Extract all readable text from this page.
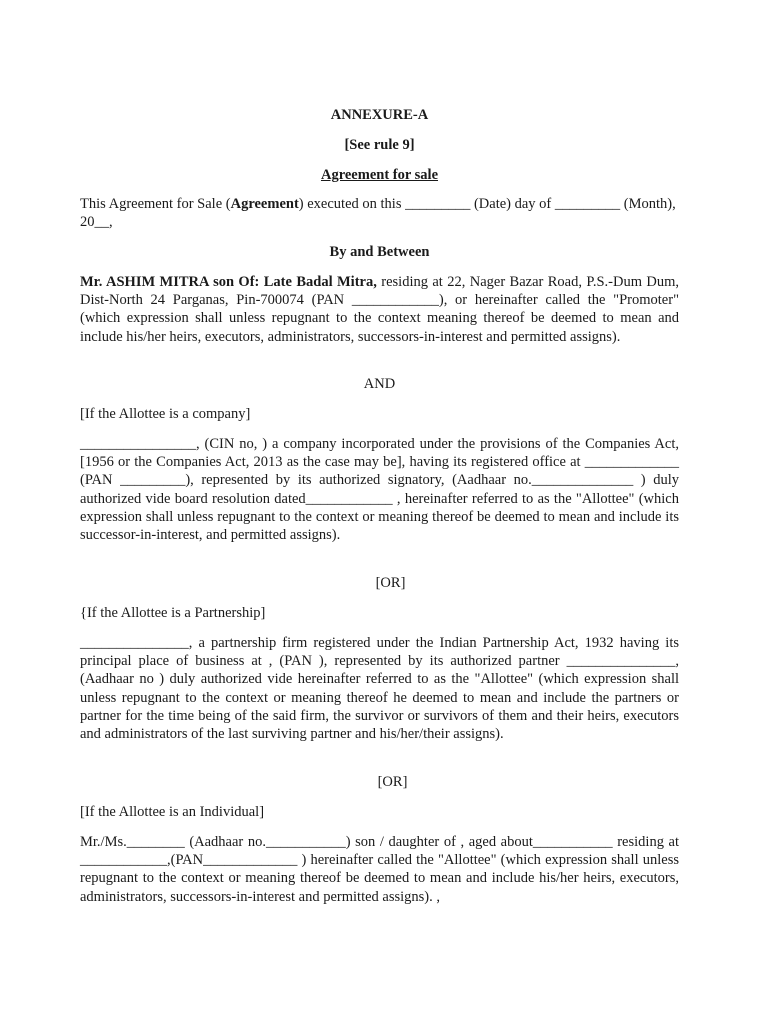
ANNEXURE-A

[See rule 9]

Agreement for sale

This Agreement for Sale (Agreement) executed on this _________ (Date) day of _________ (Month), 20__,

By and Between

Mr. ASHIM MITRA son Of: Late Badal Mitra, residing at 22, Nager Bazar Road, P.S.-Dum Dum, Dist-North 24 Parganas, Pin-700074 (PAN ____________), or hereinafter called the "Promoter" (which expression shall unless repugnant to the context meaning thereof be deemed to mean and include his/her heirs, executors, administrators, successors-in-interest and permitted assigns).

AND

[If the Allottee is a company]

________________, (CIN no, ) a company incorporated under the provisions of the Companies Act, [1956 or the Companies Act, 2013 as the case may be], having its registered office at _____________ (PAN _________), represented by its authorized signatory, (Aadhaar no.______________ ) duly authorized vide board resolution dated____________ , hereinafter referred to as the "Allottee" (which expression shall unless repugnant to the context or meaning thereof be deemed to mean and include its successor-in-interest, and permitted assigns).

[OR]

{If the Allottee is a Partnership]

_______________, a partnership firm registered under the Indian Partnership Act, 1932 having its principal place of business at , (PAN ), represented by its authorized partner _______________, (Aadhaar no ) duly authorized vide hereinafter referred to as the "Allottee" (which expression shall unless repugnant to the context or meaning thereof he deemed to mean and include the partners or partner for the time being of the said firm, the survivor or survivors of them and their heirs, executors and administrators of the last surviving partner and his/her/their assigns).

[OR]

[If the Allottee is an Individual]

Mr./Ms.________ (Aadhaar no.___________) son / daughter of , aged about___________ residing at ____________,(PAN_____________ ) hereinafter called the "Allottee" (which expression shall unless repugnant to the context or meaning thereof be deemed to mean and include his/her heirs, executors, administrators, successors-in-interest and permitted assigns). ,
